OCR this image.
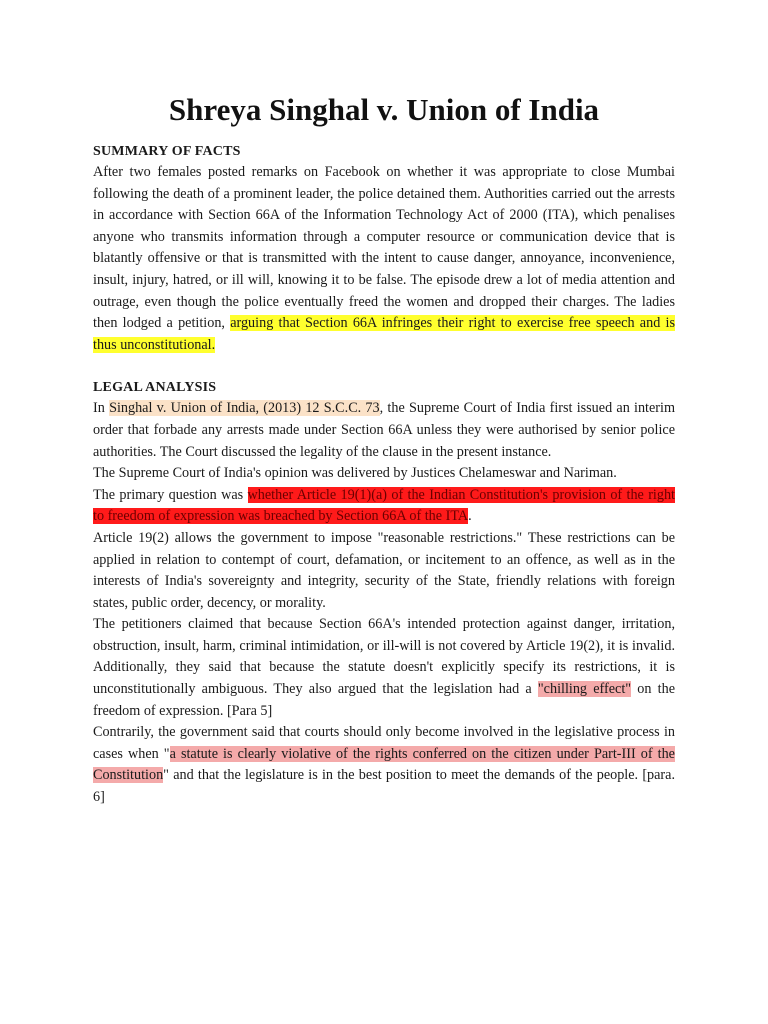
Shreya Singhal v. Union of India
SUMMARY OF FACTS

After two females posted remarks on Facebook on whether it was appropriate to close Mumbai following the death of a prominent leader, the police detained them. Authorities carried out the arrests in accordance with Section 66A of the Information Technology Act of 2000 (ITA), which penalises anyone who transmits information through a computer resource or communication device that is blatantly offensive or that is transmitted with the intent to cause danger, annoyance, inconvenience, insult, injury, hatred, or ill will, knowing it to be false. The episode drew a lot of media attention and outrage, even though the police eventually freed the women and dropped their charges. The ladies then lodged a petition, arguing that Section 66A infringes their right to exercise free speech and is thus unconstitutional.

LEGAL ANALYSIS

In Singhal v. Union of India, (2013) 12 S.C.C. 73, the Supreme Court of India first issued an interim order that forbade any arrests made under Section 66A unless they were authorised by senior police authorities. The Court discussed the legality of the clause in the present instance.

The Supreme Court of India's opinion was delivered by Justices Chelameswar and Nariman.

The primary question was whether Article 19(1)(a) of the Indian Constitution's provision of the right to freedom of expression was breached by Section 66A of the ITA.

Article 19(2) allows the government to impose "reasonable restrictions." These restrictions can be applied in relation to contempt of court, defamation, or incitement to an offence, as well as in the interests of India's sovereignty and integrity, security of the State, friendly relations with foreign states, public order, decency, or morality.

The petitioners claimed that because Section 66A's intended protection against danger, irritation, obstruction, insult, harm, criminal intimidation, or ill-will is not covered by Article 19(2), it is invalid. Additionally, they said that because the statute doesn't explicitly specify its restrictions, it is unconstitutionally ambiguous. They also argued that the legislation had a "chilling effect" on the freedom of expression. [Para 5]

Contrarily, the government said that courts should only become involved in the legislative process in cases when "a statute is clearly violative of the rights conferred on the citizen under Part-III of the Constitution" and that the legislature is in the best position to meet the demands of the people. [para. 6]
